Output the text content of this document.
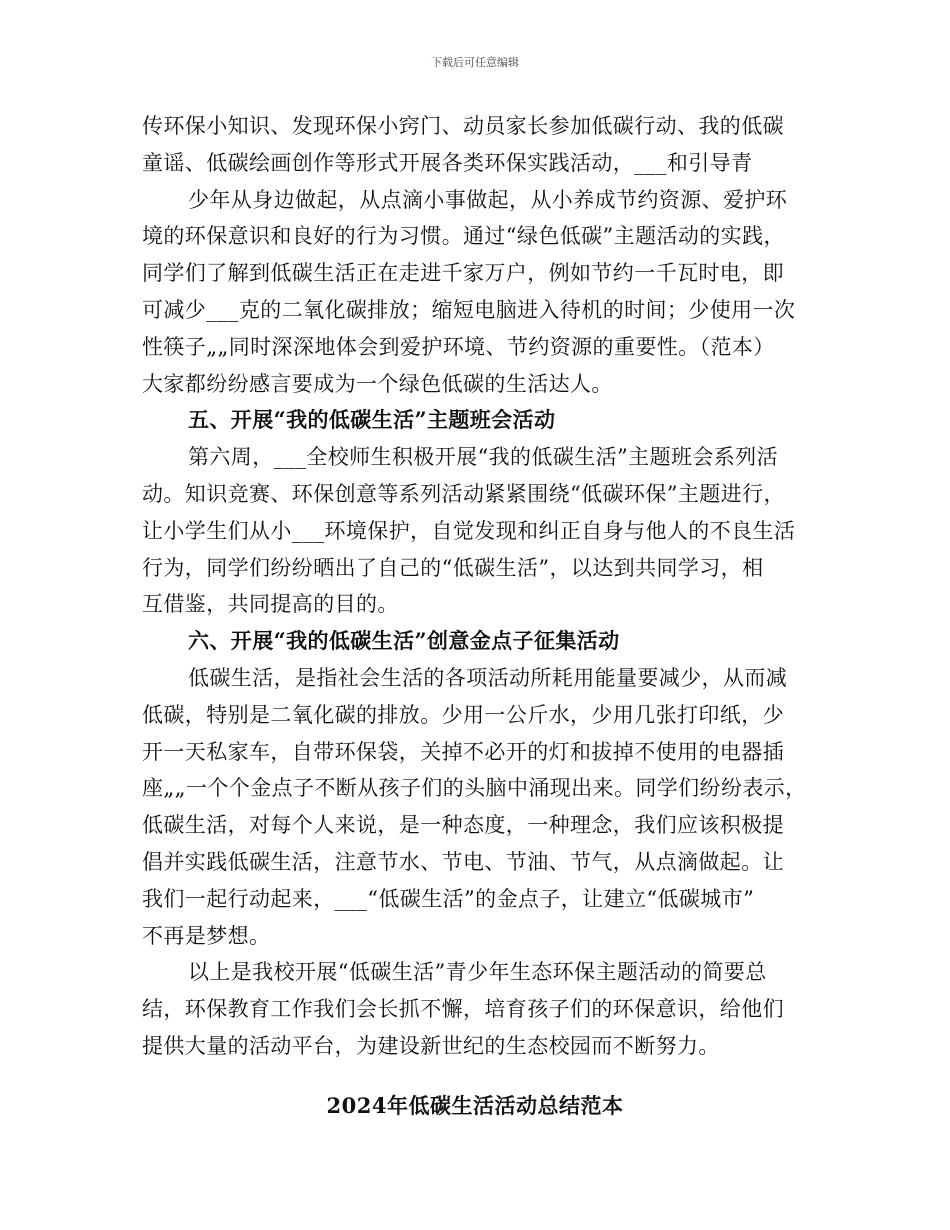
下载后可任意编辑
传环保小知识、发现环保小窍门、动员家长参加低碳行动、我的低碳
童谣、低碳绘画创作等形式开展各类环保实践活动，___和引导青
少年从身边做起，从点滴小事做起，从小养成节约资源、爱护环
境的环保意识和良好的行为习惯。通过“绿色低碳”主题活动的实践，
同学们了解到低碳生活正在走进千家万户，例如节约一千瓦时电，即
可减少___克的二氧化碳排放；缩短电脑进入待机的时间；少使用一次
性筷子„„同时深深地体会到爱护环境、节约资源的重要性。（范本）
大家都纷纷感言要成为一个绿色低碳的生活达人。
五、开展“我的低碳生活”主题班会活动
第六周，___全校师生积极开展“我的低碳生活”主题班会系列活
动。知识竞赛、环保创意等系列活动紧紧围绕“低碳环保”主题进行，
让小学生们从小___环境保护，自觉发现和纠正自身与他人的不良生活
行为，同学们纷纷晒出了自己的“低碳生活”，以达到共同学习，相
互借鉴，共同提高的目的。
六、开展“我的低碳生活”创意金点子征集活动
低碳生活，是指社会生活的各项活动所耗用能量要减少，从而减
低碳，特别是二氧化碳的排放。少用一公斤水，少用几张打印纸，少
开一天私家车，自带环保袋，关掉不必开的灯和拔掉不使用的电器插
座„„一个个金点子不断从孩子们的头脑中涌现出来。同学们纷纷表示，
低碳生活，对每个人来说，是一种态度，一种理念，我们应该积极提
倡并实践低碳生活，注意节水、节电、节油、节气，从点滴做起。让
我们一起行动起来，___“低碳生活”的金点子，让建立“低碳城市”
不再是梦想。
以上是我校开展“低碳生活”青少年生态环保主题活动的简要总
结，环保教育工作我们会长抓不懈，培育孩子们的环保意识，给他们
提供大量的活动平台，为建设新世纪的生态校园而不断努力。
2024年低碳生活活动总结范本
